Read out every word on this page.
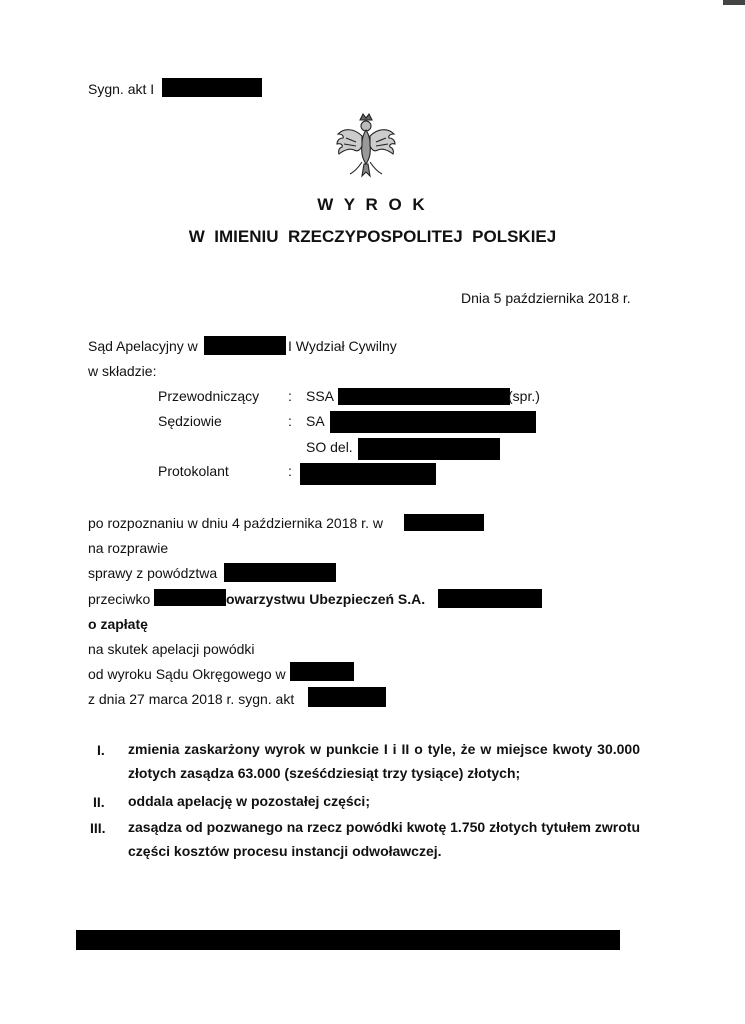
Sygn. akt I
W Y R O K
W  IMIENIU  RZECZYPOSPOLITEJ  POLSKIEJ
Dnia 5 października 2018 r.
Sąd Apelacyjny w	I Wydział Cywilny
w składzie:
Przewodniczący : SSA	(spr.)
Sędziowie	: SA
SO del.
Protokolant	:
po rozpoznaniu w dniu 4 października 2018 r. w
na rozprawie
sprawy z powództwa
przeciwko	owarzystwu Ubezpieczeń S.A.
o zapłatę
na skutek apelacji powódki
od wyroku Sądu Okręgowego w
z dnia 27 marca 2018 r. sygn. akt
I. zmienia zaskarżony wyrok w punkcie I i II o tyle, że w miejsce kwoty 30.000 złotych zasądza 63.000 (sześćdziesiąt trzy tysiące) złotych;
II. oddala apelację w pozostałej części;
III. zasądza od pozwanego na rzecz powódki kwotę 1.750 złotych tytułem zwrotu części kosztów procesu instancji odwoławczej.
